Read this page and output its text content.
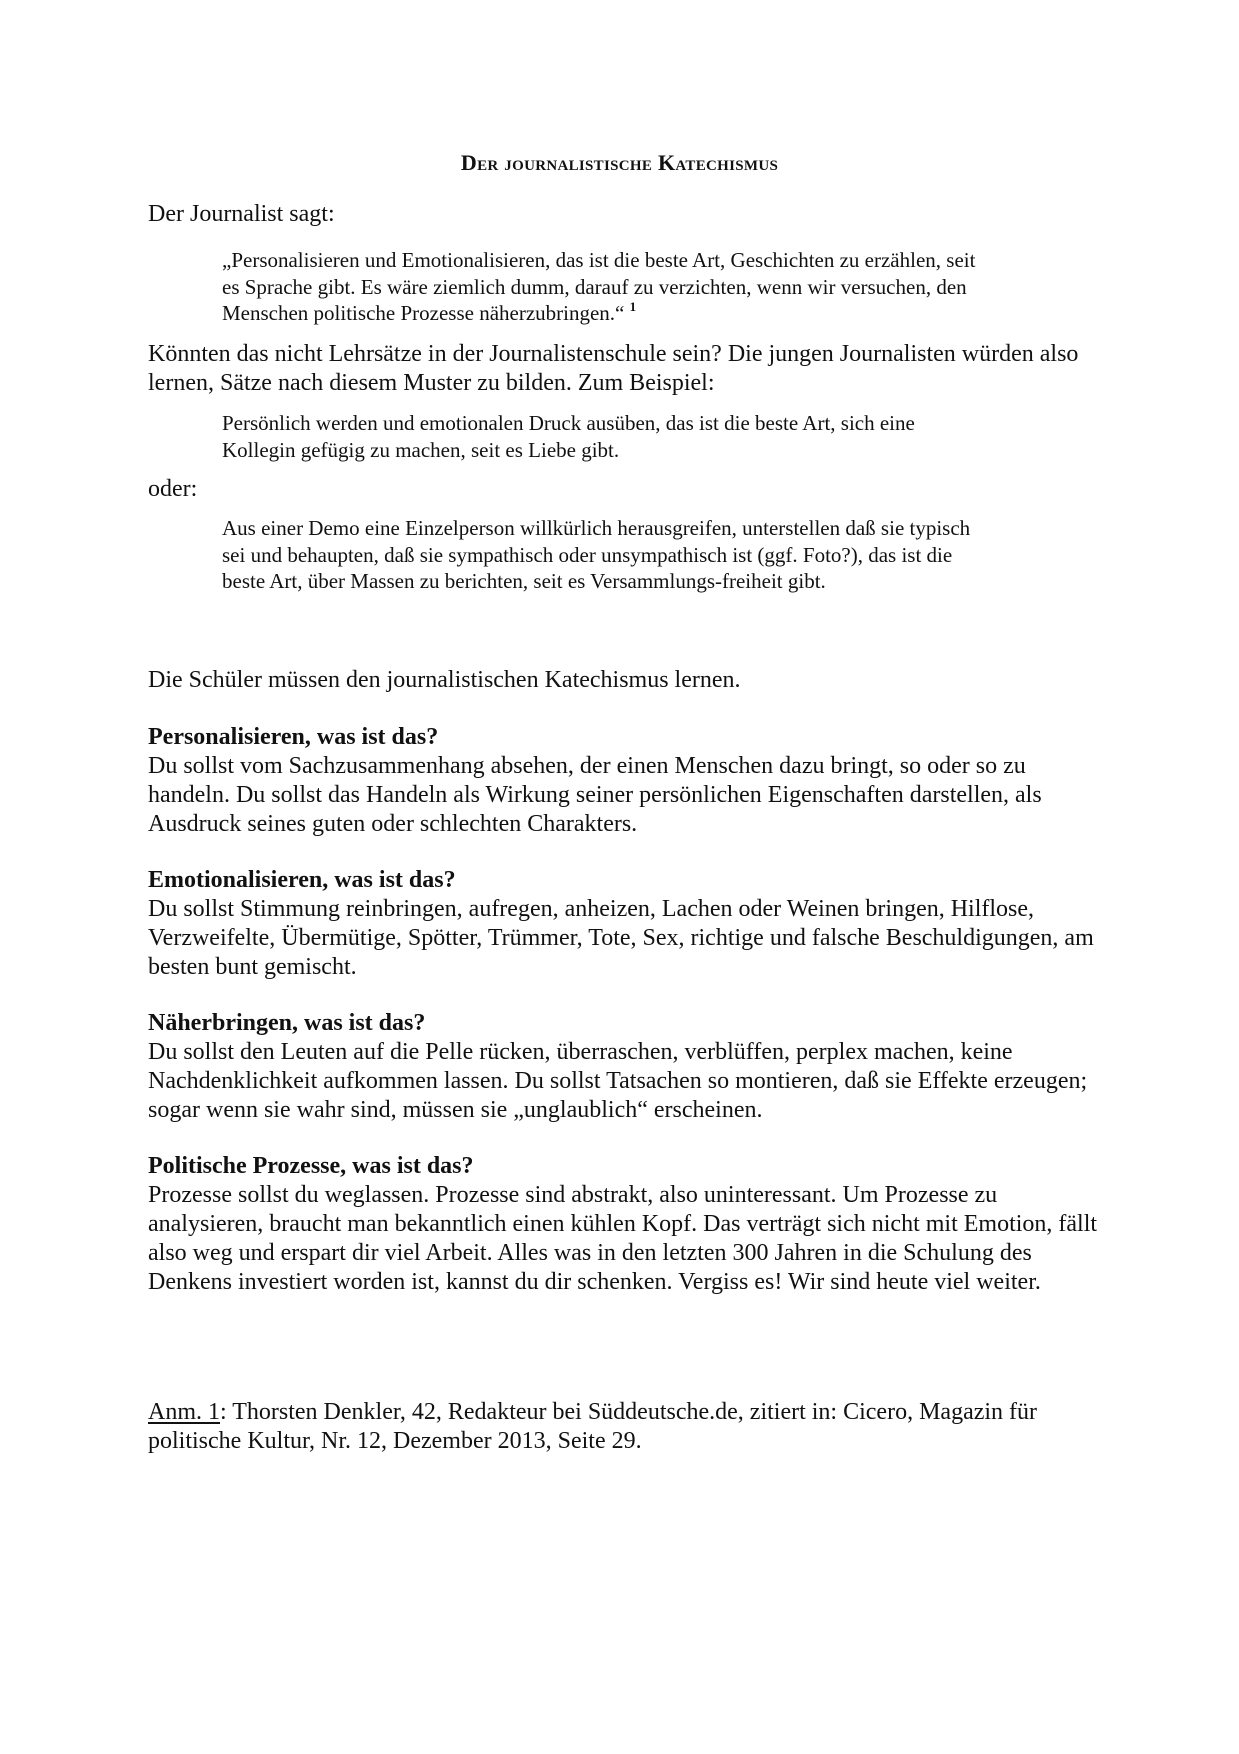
Der journalistische Katechismus

Der Journalist sagt:

„Personalisieren und Emotionalisieren, das ist die beste Art, Geschichten zu erzählen, seit es Sprache gibt. Es wäre ziemlich dumm, darauf zu verzichten, wenn wir versuchen, den Menschen politische Prozesse näherzubringen.“ $^1$

Könnten das nicht Lehrsätze in der Journalistenschule sein? Die jungen Journalisten würden also lernen, Sätze nach diesem Muster zu bilden. Zum Beispiel:

Persönlich werden und emotionalen Druck ausüben, das ist die beste Art, sich eine Kollegin gefügig zu machen, seit es Liebe gibt.

oder:

Aus einer Demo eine Einzelperson willkürlich herausgreifen, unterstellen daß sie typisch sei und behaupten, daß sie sympathisch oder unsympathisch ist (ggf. Foto?), das ist die beste Art, über Massen zu berichten, seit es Versammlungs-freiheit gibt.

Die Schüler müssen den journalistischen Katechismus lernen.

Personalisieren, was ist das?
Du sollst vom Sachzusammenhang absehen, der einen Menschen dazu bringt, so oder so zu handeln. Du sollst das Handeln als Wirkung seiner persönlichen Eigenschaften darstellen, als Ausdruck seines guten oder schlechten Charakters.
Emotionalisieren, was ist das?
Du sollst Stimmung reinbringen, aufregen, anheizen, Lachen oder Weinen bringen, Hilflose, Verzweifelte, Übermütige, Spötter, Trümmer, Tote, Sex, richtige und falsche Beschuldigungen, am besten bunt gemischt.
Näherbringen, was ist das?
Du sollst den Leuten auf die Pelle rücken, überraschen, verblüffen, perplex machen, keine Nachdenklichkeit aufkommen lassen. Du sollst Tatsachen so montieren, daß sie Effekte erzeugen; sogar wenn sie wahr sind, müssen sie „unglaublich“ erscheinen.
Politische Prozesse, was ist das?
Prozesse sollst du weglassen. Prozesse sind abstrakt, also uninteressant. Um Prozesse zu analysieren, braucht man bekanntlich einen kühlen Kopf. Das verträgt sich nicht mit Emotion, fällt also weg und erspart dir viel Arbeit. Alles was in den letzten 300 Jahren in die Schulung des Denkens investiert worden ist, kannst du dir schenken. Vergiss es! Wir sind heute viel weiter.

Anm. 1: Thorsten Denkler, 42, Redakteur bei Süddeutsche.de, zitiert in: Cicero, Magazin für politische Kultur, Nr. 12, Dezember 2013, Seite 29.
